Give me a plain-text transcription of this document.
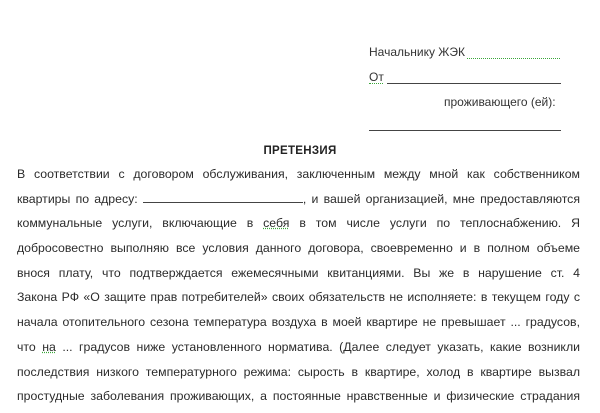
Начальнику ЖЭК
От
проживающего (ей):
ПРЕТЕНЗИЯ
В соответствии с договором обслуживания, заключенным между мной как собственником
квартиры по адресу:	, и вашей организацией, мне предоставляются
коммунальные услуги, включающие в себя в том числе услуги по теплоснабжению. Я
добросовестно выполняю все условия данного договора, своевременно и в полном объеме
внося плату, что подтверждается ежемесячными квитанциями. Вы же в нарушение ст. 4
Закона РФ «О защите прав потребителей» своих обязательств не исполняете: в текущем году с
начала отопительного сезона температура воздуха в моей квартире не превышает ... градусов,
что на ... градусов ниже установленного норматива. (Далее следует указать, какие возникли
последствия низкого температурного режима: сырость в квартире, холод в квартире вызвал
простудные заболевания проживающих, а постоянные нравственные и физические страдания
